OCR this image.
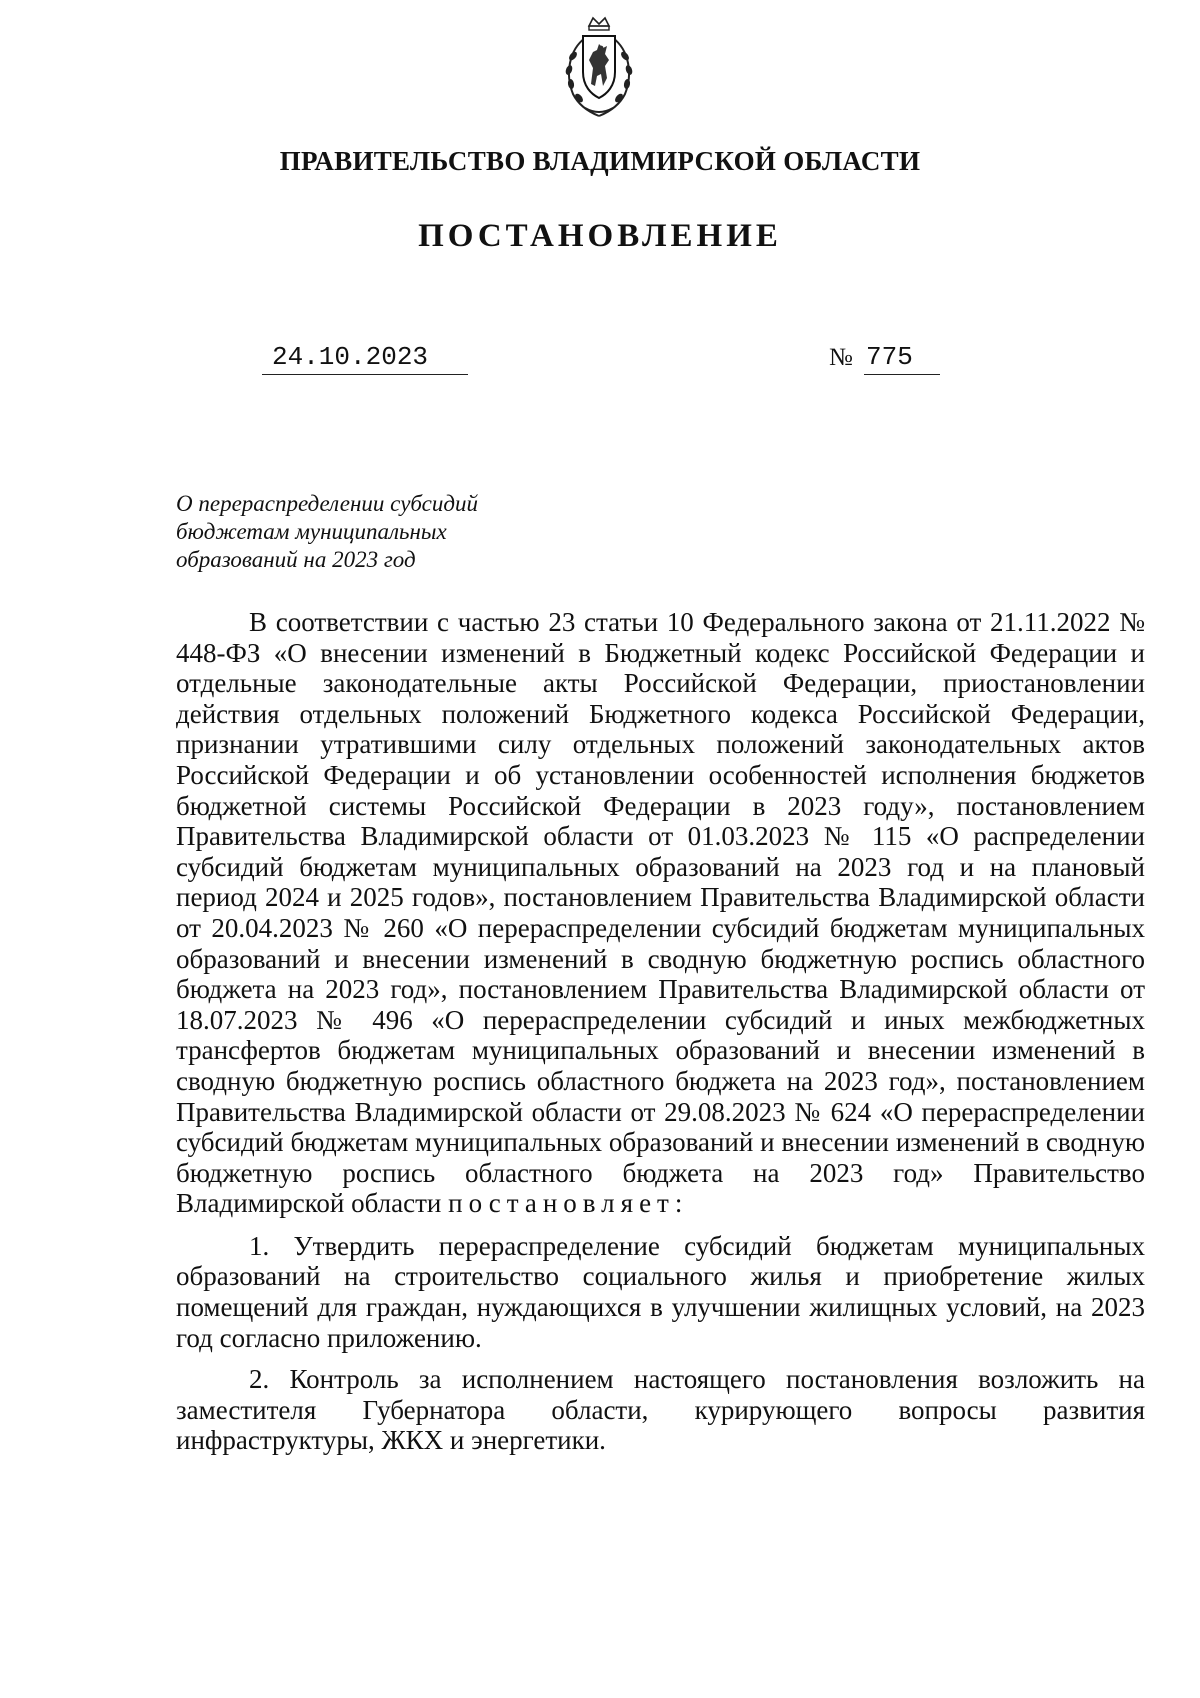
ПРАВИТЕЛЬСТВО ВЛАДИМИРСКОЙ ОБЛАСТИ
ПОСТАНОВЛЕНИЕ
24.10.2023	№ 775
О перераспределении субсидий
бюджетам муниципальных
образований на 2023 год

В соответствии с частью 23 статьи 10 Федерального закона от 21.11.2022 № 448-ФЗ «О внесении изменений в Бюджетный кодекс Российской Федерации и отдельные законодательные акты Российской Федерации, приостановлении действия отдельных положений Бюджетного кодекса Российской Федерации, признании утратившими силу отдельных положений законодательных актов Российской Федерации и об установлении особенностей исполнения бюджетов бюджетной системы Российской Федерации в 2023 году», постановлением Правительства Владимирской области от 01.03.2023 № 115 «О распределении субсидий бюджетам муниципальных образований на 2023 год и на плановый период 2024 и 2025 годов», постановлением Правительства Владимирской области от 20.04.2023 № 260 «О перераспределении субсидий бюджетам муниципальных образований и внесении изменений в сводную бюджетную роспись областного бюджета на 2023 год», постановлением Правительства Владимирской области от 18.07.2023 № 496 «О перераспределении субсидий и иных межбюджетных трансфертов бюджетам муниципальных образований и внесении изменений в сводную бюджетную роспись областного бюджета на 2023 год», постановлением Правительства Владимирской области от 29.08.2023 № 624 «О перераспределении субсидий бюджетам муниципальных образований и внесении изменений в сводную бюджетную роспись областного бюджета на 2023 год» Правительство Владимирской области постановляет:

1. Утвердить перераспределение субсидий бюджетам муниципальных образований на строительство социального жилья и приобретение жилых помещений для граждан, нуждающихся в улучшении жилищных условий, на 2023 год согласно приложению.

2. Контроль за исполнением настоящего постановления возложить на заместителя Губернатора области, курирующего вопросы развития инфраструктуры, ЖКХ и энергетики.
